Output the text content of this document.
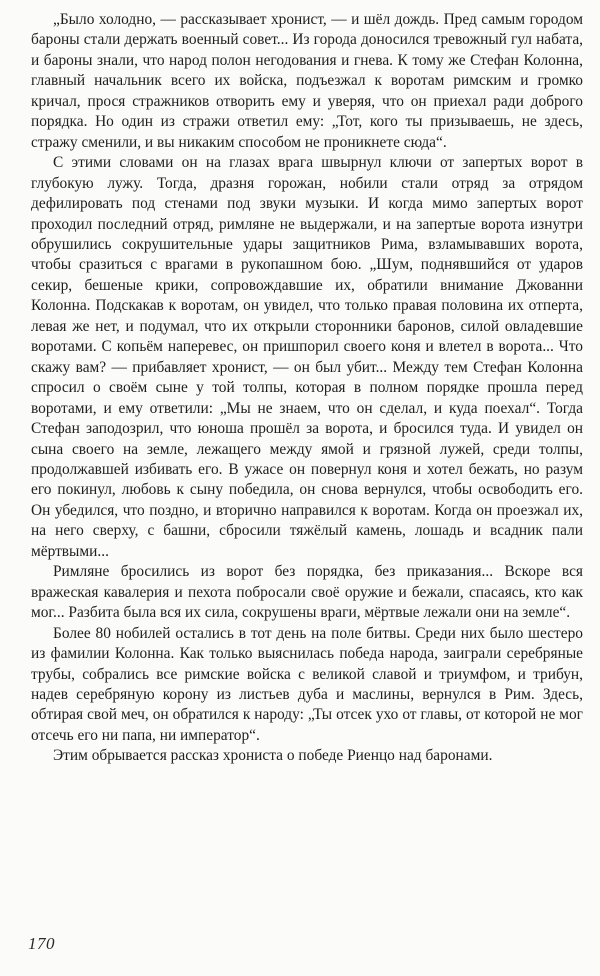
„Было холодно, — рассказывает хронист, — и шёл дождь. Пред самым городом бароны стали держать военный совет... Из города доносился тревожный гул набата, и бароны знали, что народ полон негодования и гнева. К тому же Стефан Колонна, главный начальник всего их войска, подъезжал к воротам римским и громко кричал, прося стражников отворить ему и уверяя, что он приехал ради доброго порядка. Но один из стражи ответил ему: „Тот, кого ты призываешь, не здесь, стражу сменили, и вы никаким способом не проникнете сюда“.

С этими словами он на глазах врага швырнул ключи от запертых ворот в глубокую лужу. Тогда, дразня горожан, нобили стали отряд за отрядом дефилировать под стенами под звуки музыки. И когда мимо запертых ворот проходил последний отряд, римляне не выдержали, и на запертые ворота изнутри обрушились сокрушительные удары защитников Рима, взламывавших ворота, чтобы сразиться с врагами в рукопашном бою. „Шум, поднявшийся от ударов секир, бешеные крики, сопровождавшие их, обратили внимание Джованни Колонна. Подскакав к воротам, он увидел, что только правая половина их отперта, левая же нет, и подумал, что их открыли сторонники баронов, силой овладевшие воротами. С копьём наперевес, он пришпорил своего коня и влетел в ворота... Что скажу вам? — прибавляет хронист, — он был убит... Между тем Стефан Колонна спросил о своём сыне у той толпы, которая в полном порядке прошла перед воротами, и ему ответили: „Мы не знаем, что он сделал, и куда поехал“. Тогда Стефан заподозрил, что юноша прошёл за ворота, и бросился туда. И увидел он сына своего на земле, лежащего между ямой и грязной лужей, среди толпы, продолжавшей избивать его. В ужасе он повернул коня и хотел бежать, но разум его покинул, любовь к сыну победила, он снова вернулся, чтобы освободить его. Он убедился, что поздно, и вторично направился к воротам. Когда он проезжал их, на него сверху, с башни, сбросили тяжёлый камень, лошадь и всадник пали мёртвыми...

Римляне бросились из ворот без порядка, без приказания... Вскоре вся вражеская кавалерия и пехота побросали своё оружие и бежали, спасаясь, кто как мог... Разбита была вся их сила, сокрушены враги, мёртвые лежали они на земле“.

Более 80 нобилей остались в тот день на поле битвы. Среди них было шестеро из фамилии Колонна. Как только выяснилась победа народа, заиграли серебряные трубы, собрались все римские войска с великой славой и триумфом, и трибун, надев серебряную корону из листьев дуба и маслины, вернулся в Рим. Здесь, обтирая свой меч, он обратился к народу: „Ты отсек ухо от главы, от которой не мог отсечь его ни папа, ни император“.

Этим обрывается рассказ хрониста о победе Риенцо над баронами.

170
